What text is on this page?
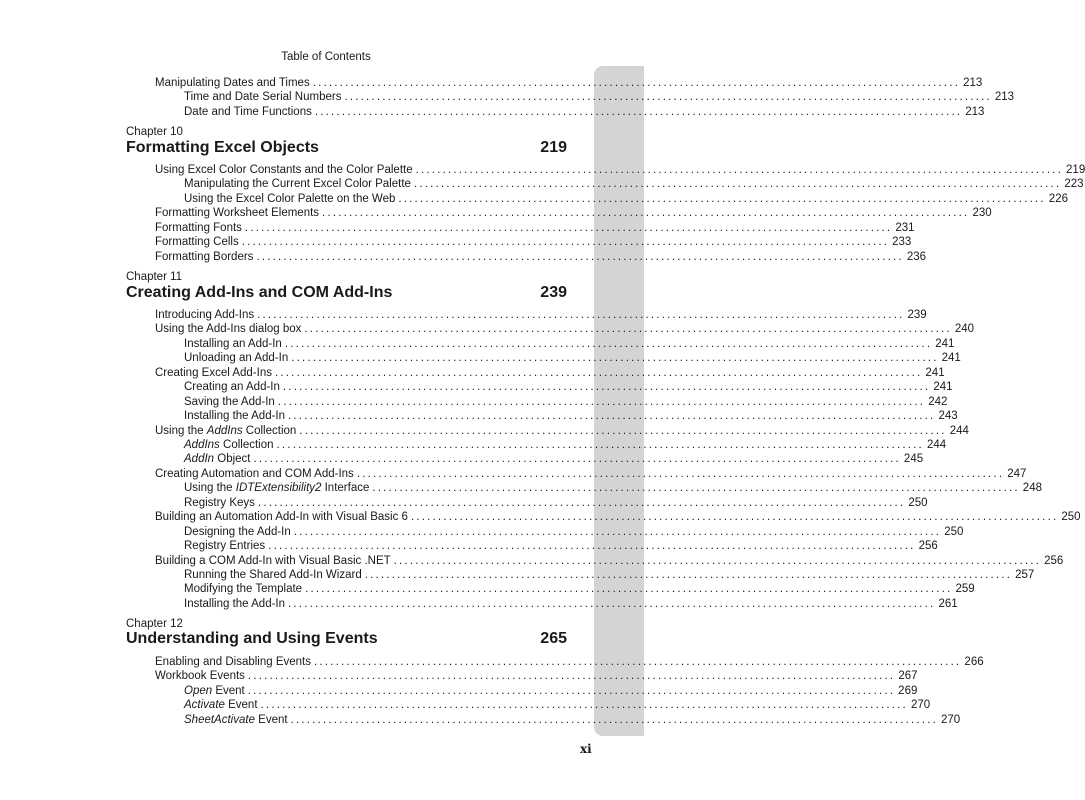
Table of Contents
Manipulating Dates and Times ........................................................................................................................ 213
Time and Date Serial Numbers ........................................................................................................................ 213
Date and Time Functions ........................................................................................................................ 213
Chapter 10
Formatting Excel Objects	219
Using Excel Color Constants and the Color Palette ........................................................................................................................ 219
Manipulating the Current Excel Color Palette ........................................................................................................................ 223
Using the Excel Color Palette on the Web ........................................................................................................................ 226
Formatting Worksheet Elements ........................................................................................................................ 230
Formatting Fonts ........................................................................................................................ 231
Formatting Cells ........................................................................................................................ 233
Formatting Borders ........................................................................................................................ 236
Chapter 11
Creating Add-Ins and COM Add-Ins	239
Introducing Add-Ins ........................................................................................................................ 239
Using the Add-Ins dialog box ........................................................................................................................ 240
Installing an Add-In ........................................................................................................................ 241
Unloading an Add-In ........................................................................................................................ 241
Creating Excel Add-Ins ........................................................................................................................ 241
Creating an Add-In ........................................................................................................................ 241
Saving the Add-In ........................................................................................................................ 242
Installing the Add-In ........................................................................................................................ 243
Using the AddIns Collection ........................................................................................................................ 244
AddIns Collection ........................................................................................................................ 244
AddIn Object ........................................................................................................................ 245
Creating Automation and COM Add-Ins ........................................................................................................................ 247
Using the IDTExtensibility2 Interface ........................................................................................................................ 248
Registry Keys ........................................................................................................................ 250
Building an Automation Add-In with Visual Basic 6 ........................................................................................................................ 250
Designing the Add-In ........................................................................................................................ 250
Registry Entries ........................................................................................................................ 256
Building a COM Add-In with Visual Basic .NET ........................................................................................................................ 256
Running the Shared Add-In Wizard ........................................................................................................................ 257
Modifying the Template ........................................................................................................................ 259
Installing the Add-In ........................................................................................................................ 261
Chapter 12
Understanding and Using Events	265
Enabling and Disabling Events ........................................................................................................................ 266
Workbook Events ........................................................................................................................ 267
Open Event ........................................................................................................................ 269
Activate Event ........................................................................................................................ 270
SheetActivate Event ........................................................................................................................ 270
xi
